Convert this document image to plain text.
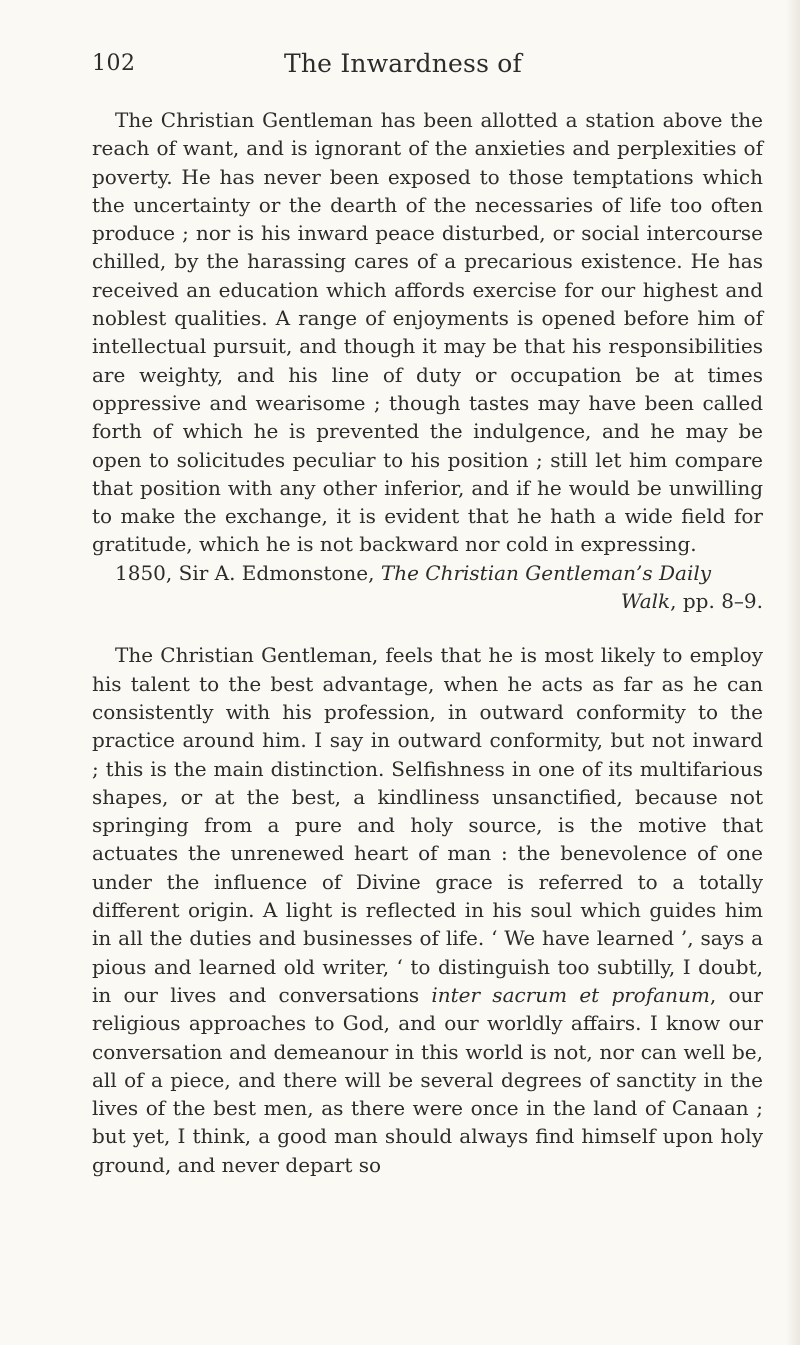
102	The Inwardness of

The Christian Gentleman has been allotted a station above the reach of want, and is ignorant of the anxieties and perplexities of poverty. He has never been exposed to those temptations which the uncertainty or the dearth of the necessaries of life too often produce ; nor is his inward peace disturbed, or social intercourse chilled, by the harassing cares of a precarious existence. He has received an education which affords exercise for our highest and noblest qualities. A range of enjoyments is opened before him of intellectual pursuit, and though it may be that his responsibilities are weighty, and his line of duty or occupation be at times oppressive and wearisome ; though tastes may have been called forth of which he is prevented the indulgence, and he may be open to solicitudes peculiar to his position ; still let him compare that position with any other inferior, and if he would be unwilling to make the exchange, it is evident that he hath a wide field for gratitude, which he is not backward nor cold in expressing.

1850, Sir A. Edmonstone, The Christian Gentleman’s Daily
Walk, pp. 8–9.

The Christian Gentleman, feels that he is most likely to employ his talent to the best advantage, when he acts as far as he can consistently with his profession, in outward conformity to the practice around him. I say in outward conformity, but not inward ; this is the main distinction. Selfishness in one of its multifarious shapes, or at the best, a kindliness unsanctified, because not springing from a pure and holy source, is the motive that actuates the unrenewed heart of man : the benevolence of one under the influence of Divine grace is referred to a totally different origin. A light is reflected in his soul which guides him in all the duties and businesses of life. ‘ We have learned ’, says a pious and learned old writer, ‘ to distinguish too subtilly, I doubt, in our lives and conversations inter sacrum et profanum, our religious approaches to God, and our worldly affairs. I know our conversation and demeanour in this world is not, nor can well be, all of a piece, and there will be several degrees of sanctity in the lives of the best men, as there were once in the land of Canaan ; but yet, I think, a good man should always find himself upon holy ground, and never depart so
